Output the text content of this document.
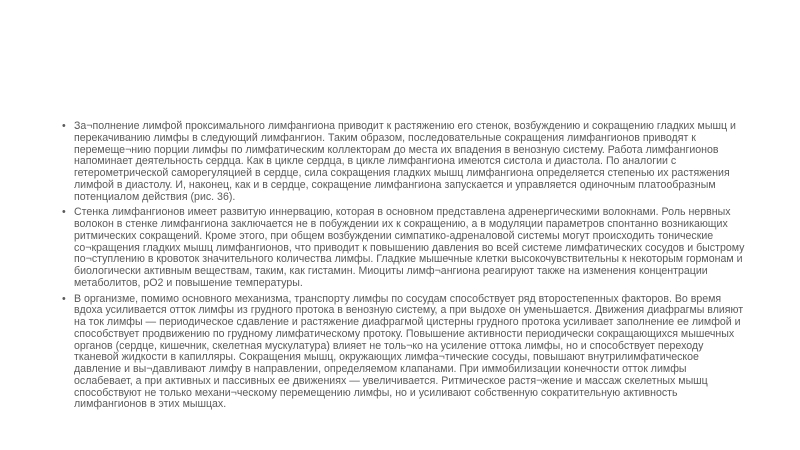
• За¬полнение лимфой проксимального лимфангиона приводит к растяжению его стенок, возбуждению и сокращению гладких мышц и перекачиванию лимфы в следующий лимфангион. Таким образом, последовательные сокращения лимфангионов приводят к перемеще¬нию порции лимфы по лимфатическим коллекторам до места их впадения в венозную систему. Работа лимфангионов напоминает деятельность сердца. Как в цикле сердца, в цикле лимфангиона имеются систола и диастола. По аналогии с гетерометрической саморегуляцией в сердце, сила сокращения гладких мышц лимфангиона определяется степенью их растяжения лимфой в диастолу. И, наконец, как и в сердце, сокращение лимфангиона запускается и управляется одиночным платообразным потенциалом действия (рис. 36).

• Стенка лимфангионов имеет развитую иннервацию, которая в основном представлена адренергическими волокнами. Роль нервных волокон в стенке лимфангиона заключается не в побуждении их к сокращению, а в модуляции параметров спонтанно возникающих ритмических сокращений. Кроме этого, при общем возбуждении симпатико-адреналовой системы могут происходить тонические со¬кращения гладких мышц лимфангионов, что приводит к повышению давления во всей системе лимфатических сосудов и быстрому по¬ступлению в кровоток значительного количества лимфы. Гладкие мышечные клетки высокочувствительны к некоторым гормонам и биологически активным веществам, таким, как гистамин. Миоциты лимф¬ангиона реагируют также на изменения концентрации метаболитов, рО2 и повышение температуры.

• В организме, помимо основного механизма, транспорту лимфы по сосудам способствует ряд второстепенных факторов. Во время вдоха усиливается отток лимфы из грудного протока в венозную систему, а при выдохе он уменьшается. Движения диафрагмы влияют на ток лимфы — периодическое сдавление и растяжение диафрагмой цистерны грудного протока усиливает заполнение ее лимфой и способствует продвижению по грудному лимфатическому протоку. Повышение активности периодически сокращающихся мышечных органов (сердце, кишечник, скелетная мускулатура) влияет не толь¬ко на усиление оттока лимфы, но и способствует переходу тканевой жидкости в капилляры. Сокращения мышц, окружающих лимфа¬тические сосуды, повышают внутрилимфатическое давление и вы¬давливают лимфу в направлении, определяемом клапанами. При иммобилизации конечности отток лимфы ослабевает, а при активных и пассивных ее движениях — увеличивается. Ритмическое растя¬жение и массаж скелетных мышц способствуют не только механи¬ческому перемещению лимфы, но и усиливают собственную сократительную активность лимфангионов в этих мышцах.
